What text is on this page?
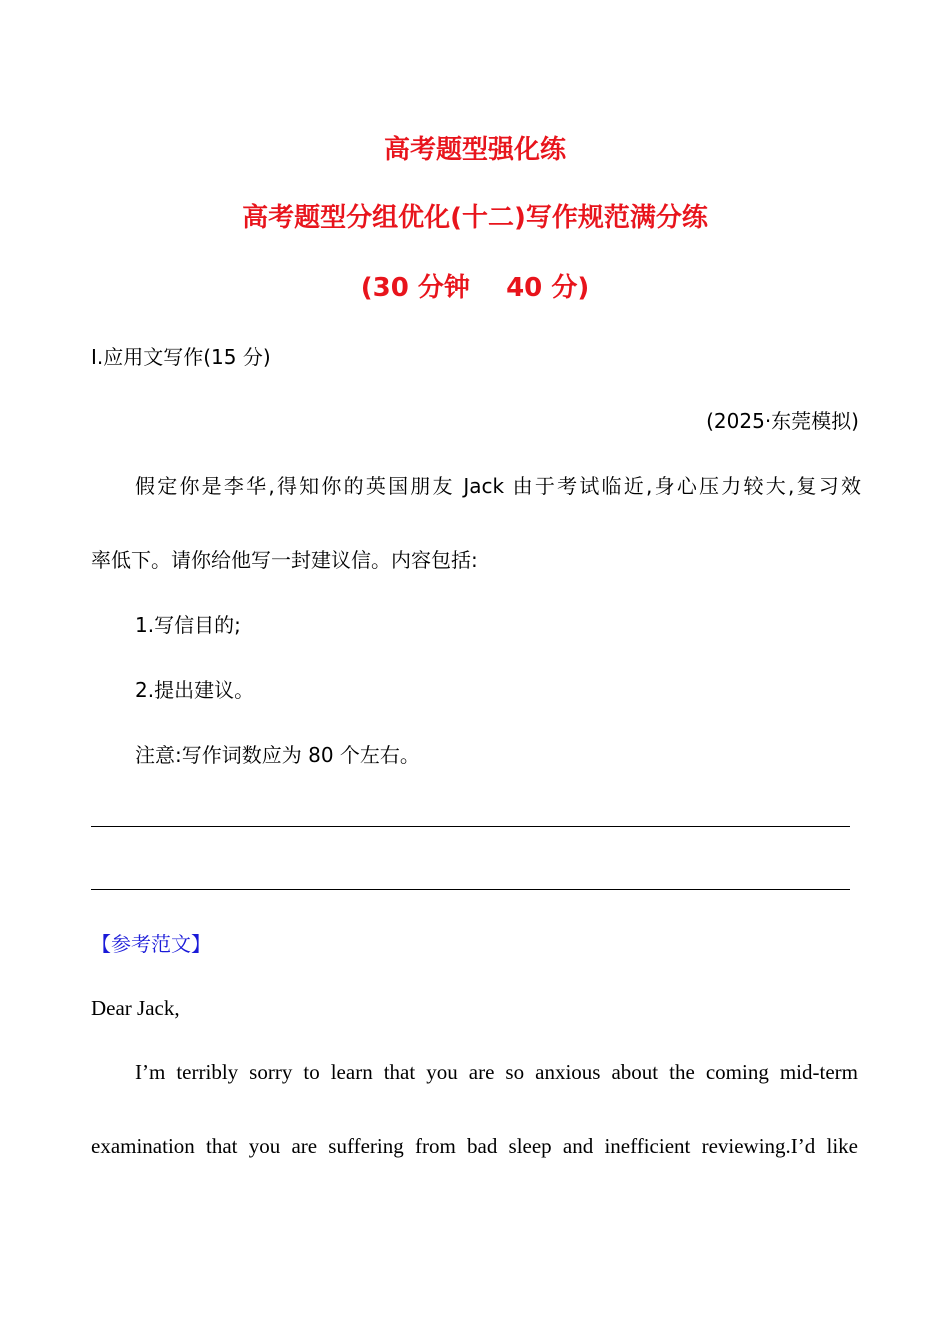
高考题型强化练
高考题型分组优化(十二)写作规范满分练
(30 分钟    40 分)
Ⅰ.应用文写作(15 分)
(2025·东莞模拟)
假定你是李华,得知你的英国朋友 Jack 由于考试临近,身心压力较大,复习效
率低下。请你给他写一封建议信。内容包括:
1.写信目的;
2.提出建议。
注意:写作词数应为 80 个左右。
【参考范文】
Dear Jack,
I’m terribly sorry to learn that you are so anxious about the coming mid-term
examination that you are suffering from bad sleep and inefficient reviewing.I’d like
